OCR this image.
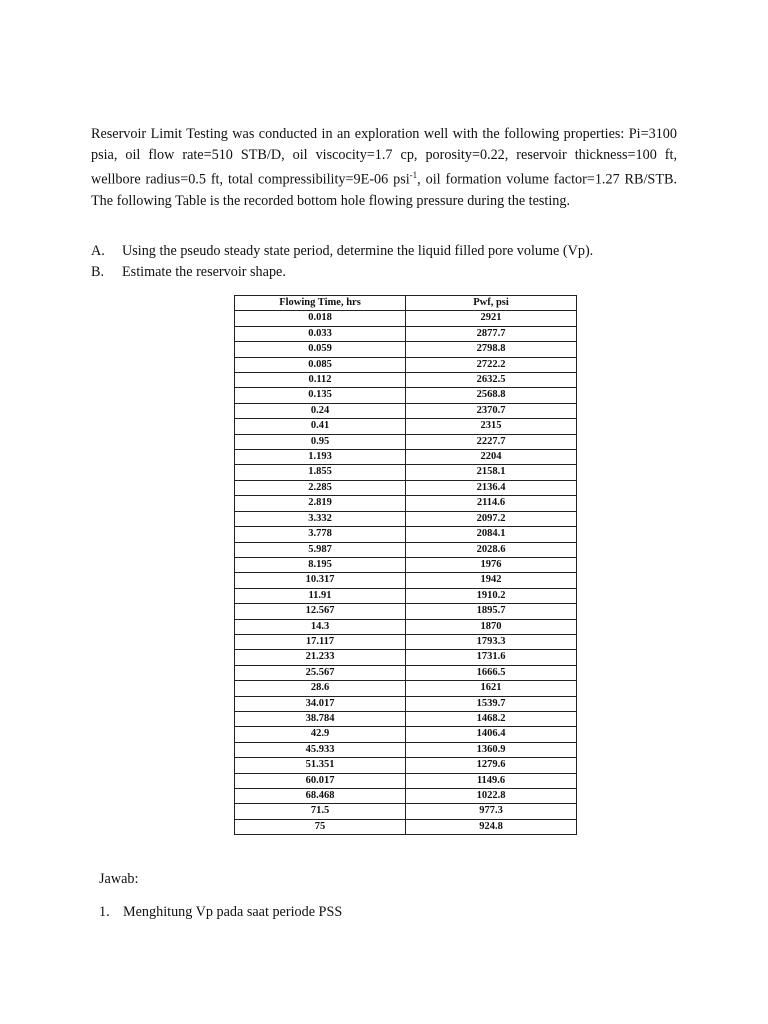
Reservoir Limit Testing was conducted in an exploration well with the following properties: Pi=3100 psia, oil flow rate=510 STB/D, oil viscocity=1.7 cp, porosity=0.22, reservoir thickness=100 ft, wellbore radius=0.5 ft, total compressibility=9E-06 psi$^{-1}$, oil formation volume factor=1.27 RB/STB. The following Table is the recorded bottom hole flowing pressure during the testing.

A.	Using the pseudo steady state period, determine the liquid filled pore volume (Vp).
B.	Estimate the reservoir shape.
Flowing Time, hrs	Pwf, psi
0.018	2921
0.033	2877.7
0.059	2798.8
0.085	2722.2
0.112	2632.5
0.135	2568.8
0.24	2370.7
0.41	2315
0.95	2227.7
1.193	2204
1.855	2158.1
2.285	2136.4
2.819	2114.6
3.332	2097.2
3.778	2084.1
5.987	2028.6
8.195	1976
10.317	1942
11.91	1910.2
12.567	1895.7
14.3	1870
17.117	1793.3
21.233	1731.6
25.567	1666.5
28.6	1621
34.017	1539.7
38.784	1468.2
42.9	1406.4
45.933	1360.9
51.351	1279.6
60.017	1149.6
68.468	1022.8
71.5	977.3
75	924.8

Jawab:

1. Menghitung Vp pada saat periode PSS
